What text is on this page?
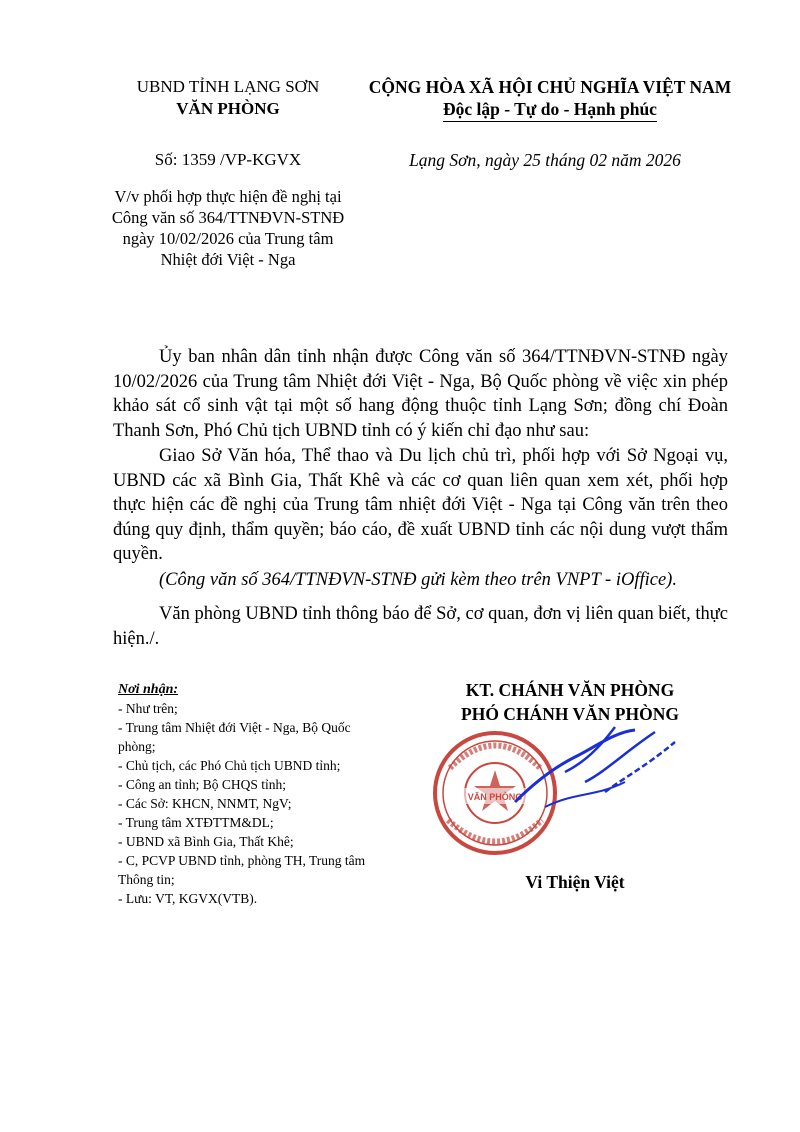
UBND TỈNH LẠNG SƠN
VĂN PHÒNG
CỘNG HÒA XÃ HỘI CHỦ NGHĨA VIỆT NAM
Độc lập - Tự do - Hạnh phúc
Số: 1359 /VP-KGVX	Lạng Sơn, ngày 25 tháng 02 năm 2026
V/v phối hợp thực hiện đề nghị tại Công văn số 364/TTNĐVN-STNĐ ngày 10/02/2026 của Trung tâm Nhiệt đới Việt - Nga
Ủy ban nhân dân tỉnh nhận được Công văn số 364/TTNĐVN-STNĐ ngày 10/02/2026 của Trung tâm Nhiệt đới Việt - Nga, Bộ Quốc phòng về việc xin phép khảo sát cổ sinh vật tại một số hang động thuộc tỉnh Lạng Sơn; đồng chí Đoàn Thanh Sơn, Phó Chủ tịch UBND tỉnh có ý kiến chỉ đạo như sau:
Giao Sở Văn hóa, Thể thao và Du lịch chủ trì, phối hợp với Sở Ngoại vụ, UBND các xã Bình Gia, Thất Khê và các cơ quan liên quan xem xét, phối hợp thực hiện các đề nghị của Trung tâm nhiệt đới Việt - Nga tại Công văn trên theo đúng quy định, thẩm quyền; báo cáo, đề xuất UBND tỉnh các nội dung vượt thẩm quyền.
(Công văn số 364/TTNĐVN-STNĐ gửi kèm theo trên VNPT - iOffice).
Văn phòng UBND tỉnh thông báo để Sở, cơ quan, đơn vị liên quan biết, thực hiện./.
Nơi nhận:
- Như trên;
- Trung tâm Nhiệt đới Việt - Nga, Bộ Quốc phòng;
- Chủ tịch, các Phó Chủ tịch UBND tỉnh;
- Công an tỉnh; Bộ CHQS tỉnh;
- Các Sở: KHCN, NNMT, NgV;
- Trung tâm XTĐTTM&DL;
- UBND xã Bình Gia, Thất Khê;
- C, PCVP UBND tỉnh, phòng TH, Trung tâm Thông tin;
- Lưu: VT, KGVX(VTB).
KT. CHÁNH VĂN PHÒNG
PHÓ CHÁNH VĂN PHÒNG
VĂN PHÒNG
Vi Thiện Việt
